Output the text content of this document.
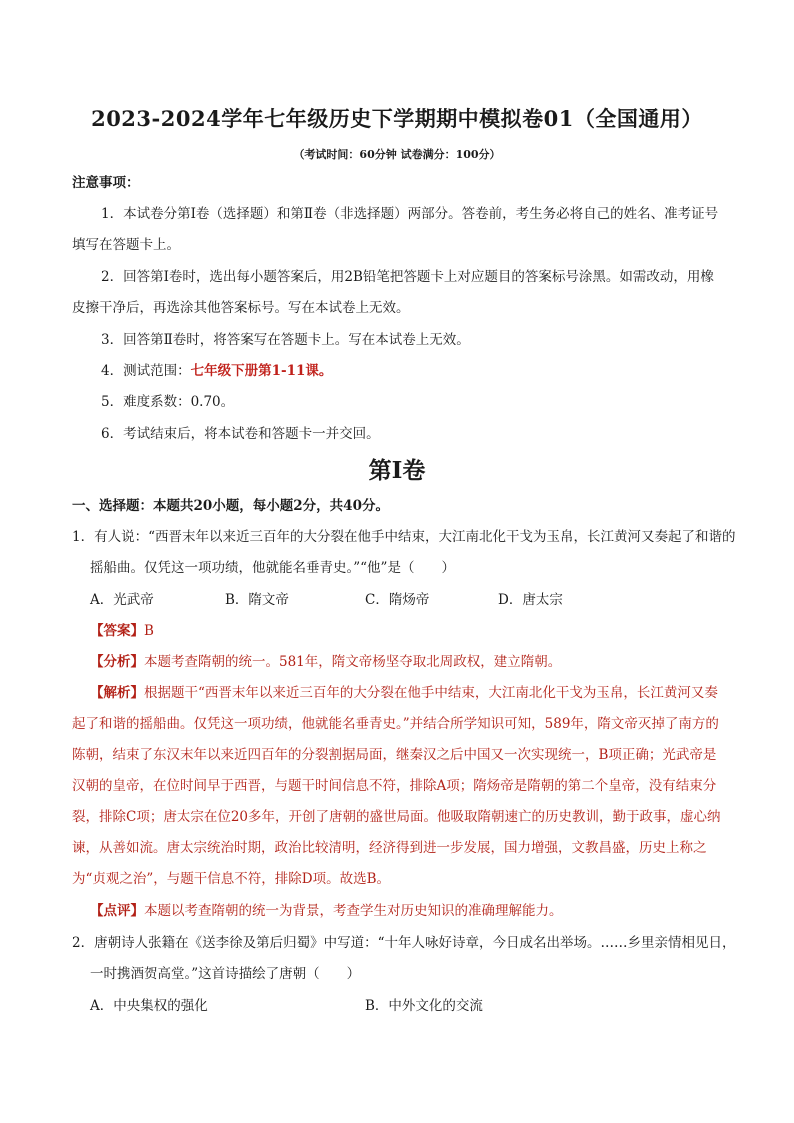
2023-2024学年七年级历史下学期期中模拟卷01（全国通用）
（考试时间：60分钟 试卷满分：100分）
注意事项：
1．本试卷分第Ⅰ卷（选择题）和第Ⅱ卷（非选择题）两部分。答卷前，考生务必将自己的姓名、准考证号填写在答题卡上。
2．回答第Ⅰ卷时，选出每小题答案后，用2B铅笔把答题卡上对应题目的答案标号涂黑。如需改动，用橡皮擦干净后，再选涂其他答案标号。写在本试卷上无效。
3．回答第Ⅱ卷时，将答案写在答题卡上。写在本试卷上无效。
4．测试范围：七年级下册第1-11课。
5．难度系数：0.70。
6．考试结束后，将本试卷和答题卡一并交回。
第Ⅰ卷
一、选择题：本题共20小题，每小题2分，共40分。
1．有人说：“西晋末年以来近三百年的大分裂在他手中结束，大江南北化干戈为玉帛，长江黄河又奏起了和谐的摇船曲。仅凭这一项功绩，他就能名垂青史。”“他”是（　　）
A．光武帝	B．隋文帝	C．隋炀帝	D．唐太宗
【答案】B
【分析】本题考查隋朝的统一。581年，隋文帝杨坚夺取北周政权，建立隋朝。
【解析】根据题干“西晋末年以来近三百年的大分裂在他手中结束，大江南北化干戈为玉帛，长江黄河又奏起了和谐的摇船曲。仅凭这一项功绩，他就能名垂青史。”并结合所学知识可知，589年，隋文帝灭掉了南方的陈朝，结束了东汉末年以来近四百年的分裂割据局面，继秦汉之后中国又一次实现统一，B项正确；光武帝是汉朝的皇帝，在位时间早于西晋，与题干时间信息不符，排除A项；隋炀帝是隋朝的第二个皇帝，没有结束分裂，排除C项；唐太宗在位20多年，开创了唐朝的盛世局面。他吸取隋朝速亡的历史教训，勤于政事，虚心纳谏，从善如流。唐太宗统治时期，政治比较清明，经济得到进一步发展，国力增强，文教昌盛，历史上称之为“贞观之治”，与题干信息不符，排除D项。故选B。
【点评】本题以考查隋朝的统一为背景，考查学生对历史知识的准确理解能力。
2．唐朝诗人张籍在《送李徐及第后归蜀》中写道：“十年人咏好诗章，今日成名出举场。……乡里亲情相见日，一时携酒贺高堂。”这首诗描绘了唐朝（　　）
A．中央集权的强化	B．中外文化的交流
